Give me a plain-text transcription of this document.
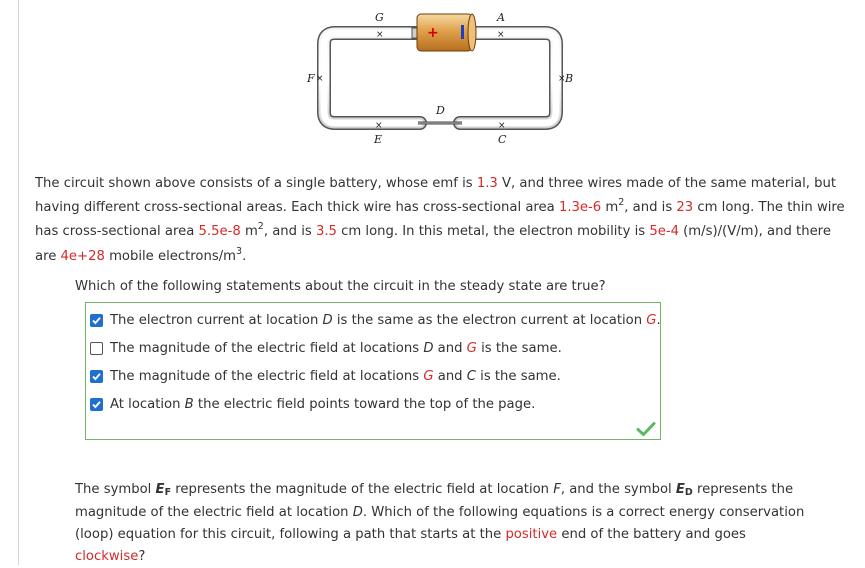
+
G
×
A
×
F ×	× B
D
×
E
×
C
The circuit shown above consists of a single battery, whose emf is 1.3 V, and three wires made of the same material, but having different cross-sectional areas. Each thick wire has cross-sectional area 1.3e-6 $m^2$, and is 23 cm long. The thin wire has cross-sectional area 5.5e-8 $m^2$, and is 3.5 cm long. In this metal, the electron mobility is 5e-4 (m/s)/(V/m), and there are 4e+28 mobile electrons/$m^3$.
Which of the following statements about the circuit in the steady state are true?
The electron current at location D is the same as the electron current at location G.
The magnitude of the electric field at locations D and G is the same.
The magnitude of the electric field at locations G and C is the same.
At location B the electric field points toward the top of the page.
The symbol EF represents the magnitude of the electric field at location F, and the symbol ED represents the magnitude of the electric field at location D. Which of the following equations is a correct energy conservation (loop) equation for this circuit, following a path that starts at the positive end of the battery and goes clockwise?
